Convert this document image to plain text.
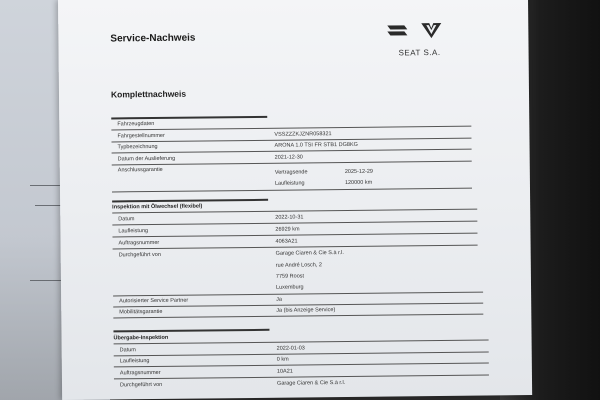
Service-Nachweis
SEAT S.A.
Komplettnachweis
Fahrzeugdaten
Fahrgestellnummer	VSSZZZKJZNR058321
Typbezeichnung	ARONA 1.0 TSI FR STB1 DG8KG
Datum der Auslieferung	2021-12-30
Anschlussgarantie	Vertragsende	2025-12-29
Laufleistung	120000 km
Inspektion mit Ölwechsel (flexibel)
Datum	2022-10-31
Laufleistung	26929 km
Auftragsnummer	4063A21
Durchgeführt von	Garage Ciaren & Cie S.à r.l.
rue André Losch, 2
7759 Roost
Luxemburg
Autorisierter Service Partner	Ja
Mobilitätsgarantie	Ja (bis Anzeige Service)
Übergabe-Inspektion
Datum	2022-01-03
Laufleistung	0 km
Auftragsnummer	10A21
Durchgeführt von	Garage Ciaren & Cie S.à r.l.
